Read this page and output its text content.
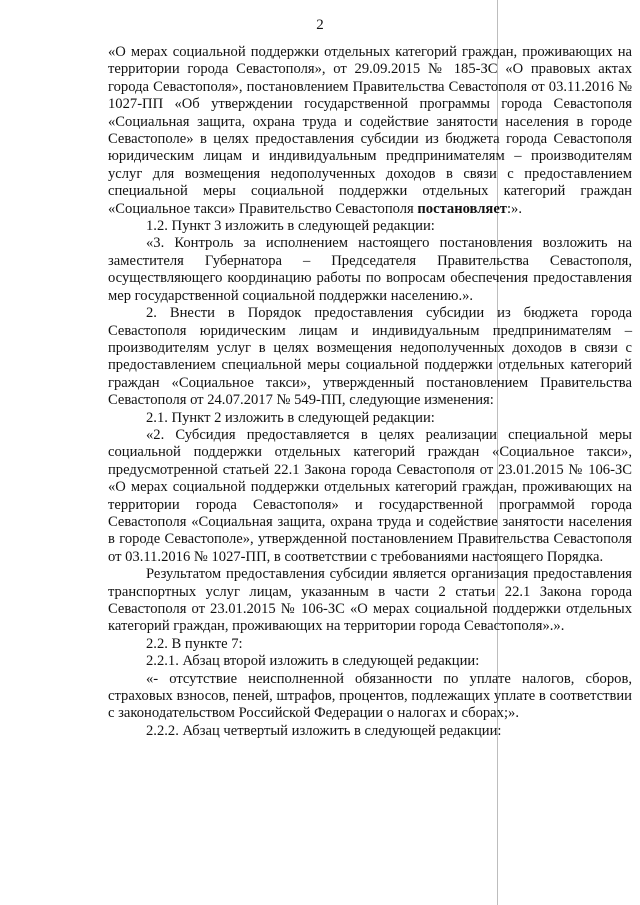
2

«О мерах социальной поддержки отдельных категорий граждан, проживающих на территории города Севастополя», от 29.09.2015 № 185-ЗС «О правовых актах города Севастополя», постановлением Правительства Севастополя от 03.11.2016 № 1027-ПП «Об утверждении государственной программы города Севастополя «Социальная защита, охрана труда и содействие занятости населения в городе Севастополе» в целях предоставления субсидии из бюджета города Севастополя юридическим лицам и индивидуальным предпринимателям – производителям услуг для возмещения недополученных доходов в связи с предоставлением специальной меры социальной поддержки отдельных категорий граждан «Социальное такси» Правительство Севастополя постановляет:».

1.2. Пункт 3 изложить в следующей редакции:

«3. Контроль за исполнением настоящего постановления возложить на заместителя Губернатора – Председателя Правительства Севастополя, осуществляющего координацию работы по вопросам обеспечения предоставления мер государственной социальной поддержки населению.».

2. Внести в Порядок предоставления субсидии из бюджета города Севастополя юридическим лицам и индивидуальным предпринимателям – производителям услуг в целях возмещения недополученных доходов в связи с предоставлением специальной меры социальной поддержки отдельных категорий граждан «Социальное такси», утвержденный постановлением Правительства Севастополя от 24.07.2017 № 549-ПП, следующие изменения:

2.1. Пункт 2 изложить в следующей редакции:

«2. Субсидия предоставляется в целях реализации специальной меры социальной поддержки отдельных категорий граждан «Социальное такси», предусмотренной статьей 22.1 Закона города Севастополя от 23.01.2015 № 106-ЗС «О мерах социальной поддержки отдельных категорий граждан, проживающих на территории города Севастополя» и государственной программой города Севастополя «Социальная защита, охрана труда и содействие занятости населения в городе Севастополе», утвержденной постановлением Правительства Севастополя от 03.11.2016 № 1027-ПП, в соответствии с требованиями настоящего Порядка.

Результатом предоставления субсидии является организация предоставления транспортных услуг лицам, указанным в части 2 статьи 22.1 Закона города Севастополя от 23.01.2015 № 106-ЗС «О мерах социальной поддержки отдельных категорий граждан, проживающих на территории города Севастополя».».

2.2. В пункте 7:

2.2.1. Абзац второй изложить в следующей редакции:

«- отсутствие неисполненной обязанности по уплате налогов, сборов, страховых взносов, пеней, штрафов, процентов, подлежащих уплате в соответствии с законодательством Российской Федерации о налогах и сборах;».

2.2.2. Абзац четвертый изложить в следующей редакции:
